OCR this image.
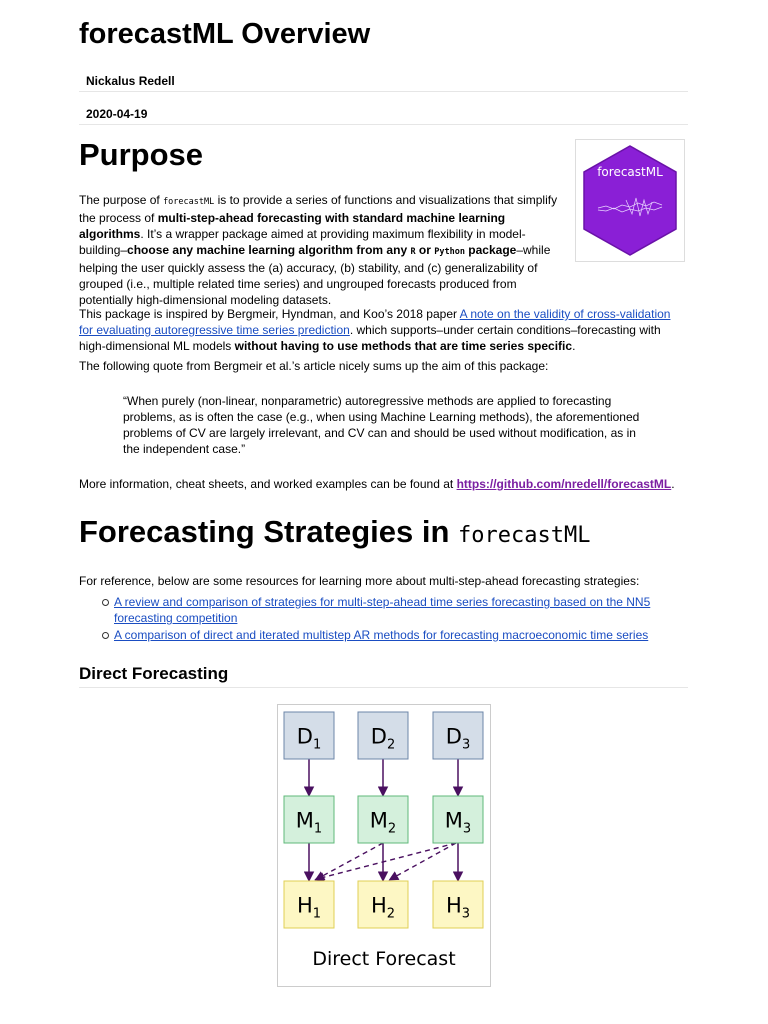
forecastML Overview
Nickalus Redell
2020-04-19
Purpose	forecastML

The purpose of forecastML is to provide a series of functions and visualizations that simplify the process of multi-step-ahead forecasting with standard machine learning algorithms. It’s a wrapper package aimed at providing maximum flexibility in model-building–choose any machine learning algorithm from any R or Python package–while helping the user quickly assess the (a) accuracy, (b) stability, and (c) generalizability of grouped (i.e., multiple related time series) and ungrouped forecasts produced from potentially high-dimensional modeling datasets.

This package is inspired by Bergmeir, Hyndman, and Koo’s 2018 paper A note on the validity of cross-validation for evaluating autoregressive time series prediction. which supports–under certain conditions–forecasting with high-dimensional ML models without having to use methods that are time series specific.

The following quote from Bergmeir et al.’s article nicely sums up the aim of this package:

“When purely (non-linear, nonparametric) autoregressive methods are applied to forecasting problems, as is often the case (e.g., when using Machine Learning methods), the aforementioned problems of CV are largely irrelevant, and CV can and should be used without modification, as in the independent case.”

More information, cheat sheets, and worked examples can be found at https://github.com/nredell/forecastML.

Forecasting Strategies in forecastML

For reference, below are some resources for learning more about multi-step-ahead forecasting strategies:

A review and comparison of strategies for multi-step-ahead time series forecasting based on the NN5 forecasting competition
A comparison of direct and iterated multistep AR methods for forecasting macroeconomic time series
Direct Forecasting
$D_1$ $D_2$ $D_3$
$M_1$ $M_2$ $M_3$
$H_1$ $H_2$ $H_3$
Direct Forecast
